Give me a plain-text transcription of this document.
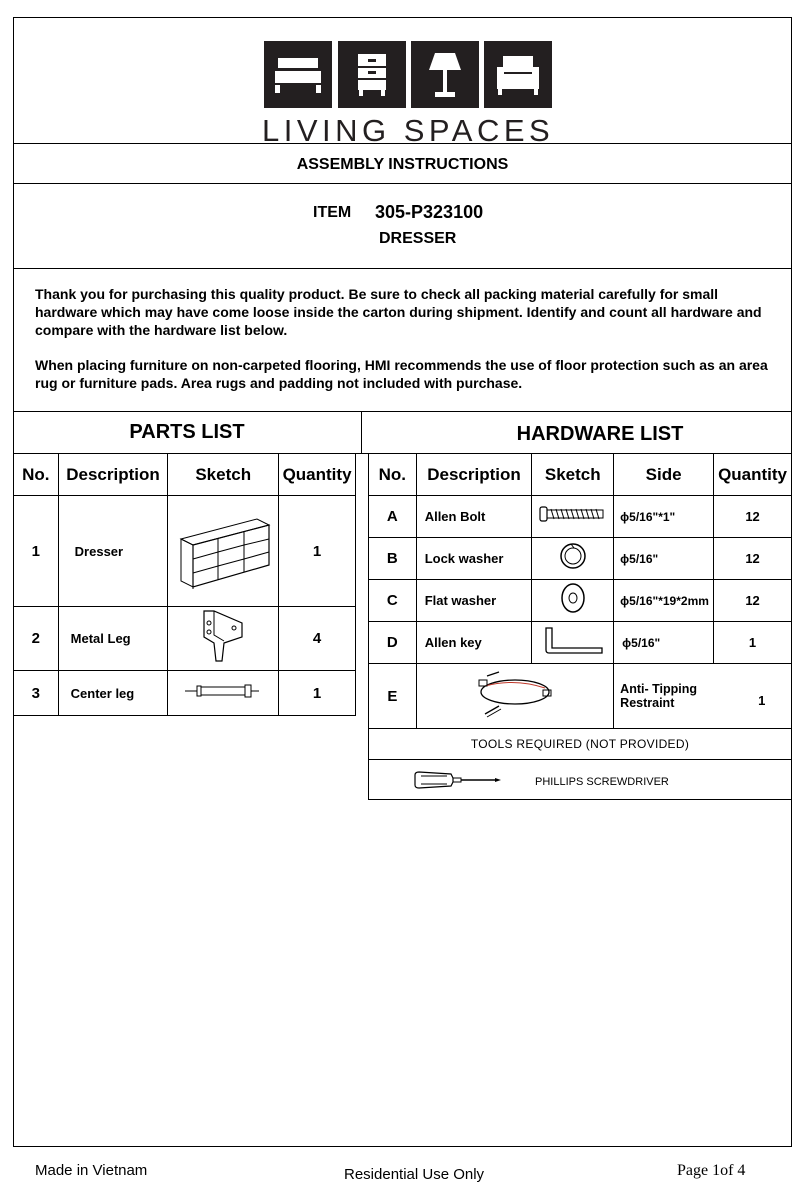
LIVING SPACES
ASSEMBLY INSTRUCTIONS
ITEM 305-P323100
DRESSER

Thank you for purchasing this quality product. Be sure to check all packing material carefully for small hardware which may have come loose inside the carton during shipment. Identify and count all hardware and compare with the hardware list below.

When placing furniture on non-carpeted flooring, HMI recommends the use of floor protection such as an area rug or furniture pads. Area rugs and padding not included with purchase.

PARTS LIST	HARDWARE LIST
No.	Description	Sketch	Quantity
1	Dresser		1
2	Metal Leg		4
3	Center leg		1
No.	Description	Sketch	Side	Quantity
A	Allen Bolt		ϕ5/16"*1"	12
B	Lock washer		ϕ5/16"	12
C	Flat washer		ϕ5/16"*19*2mm	12
D	Allen key		ϕ5/16"	1
E			Anti- Tipping Restraint 1	

TOOLS REQUIRED (NOT PROVIDED)				

PHILLIPS SCREWDRIVER				
Made in Vietnam	Residential Use Only	Page 1of 4
